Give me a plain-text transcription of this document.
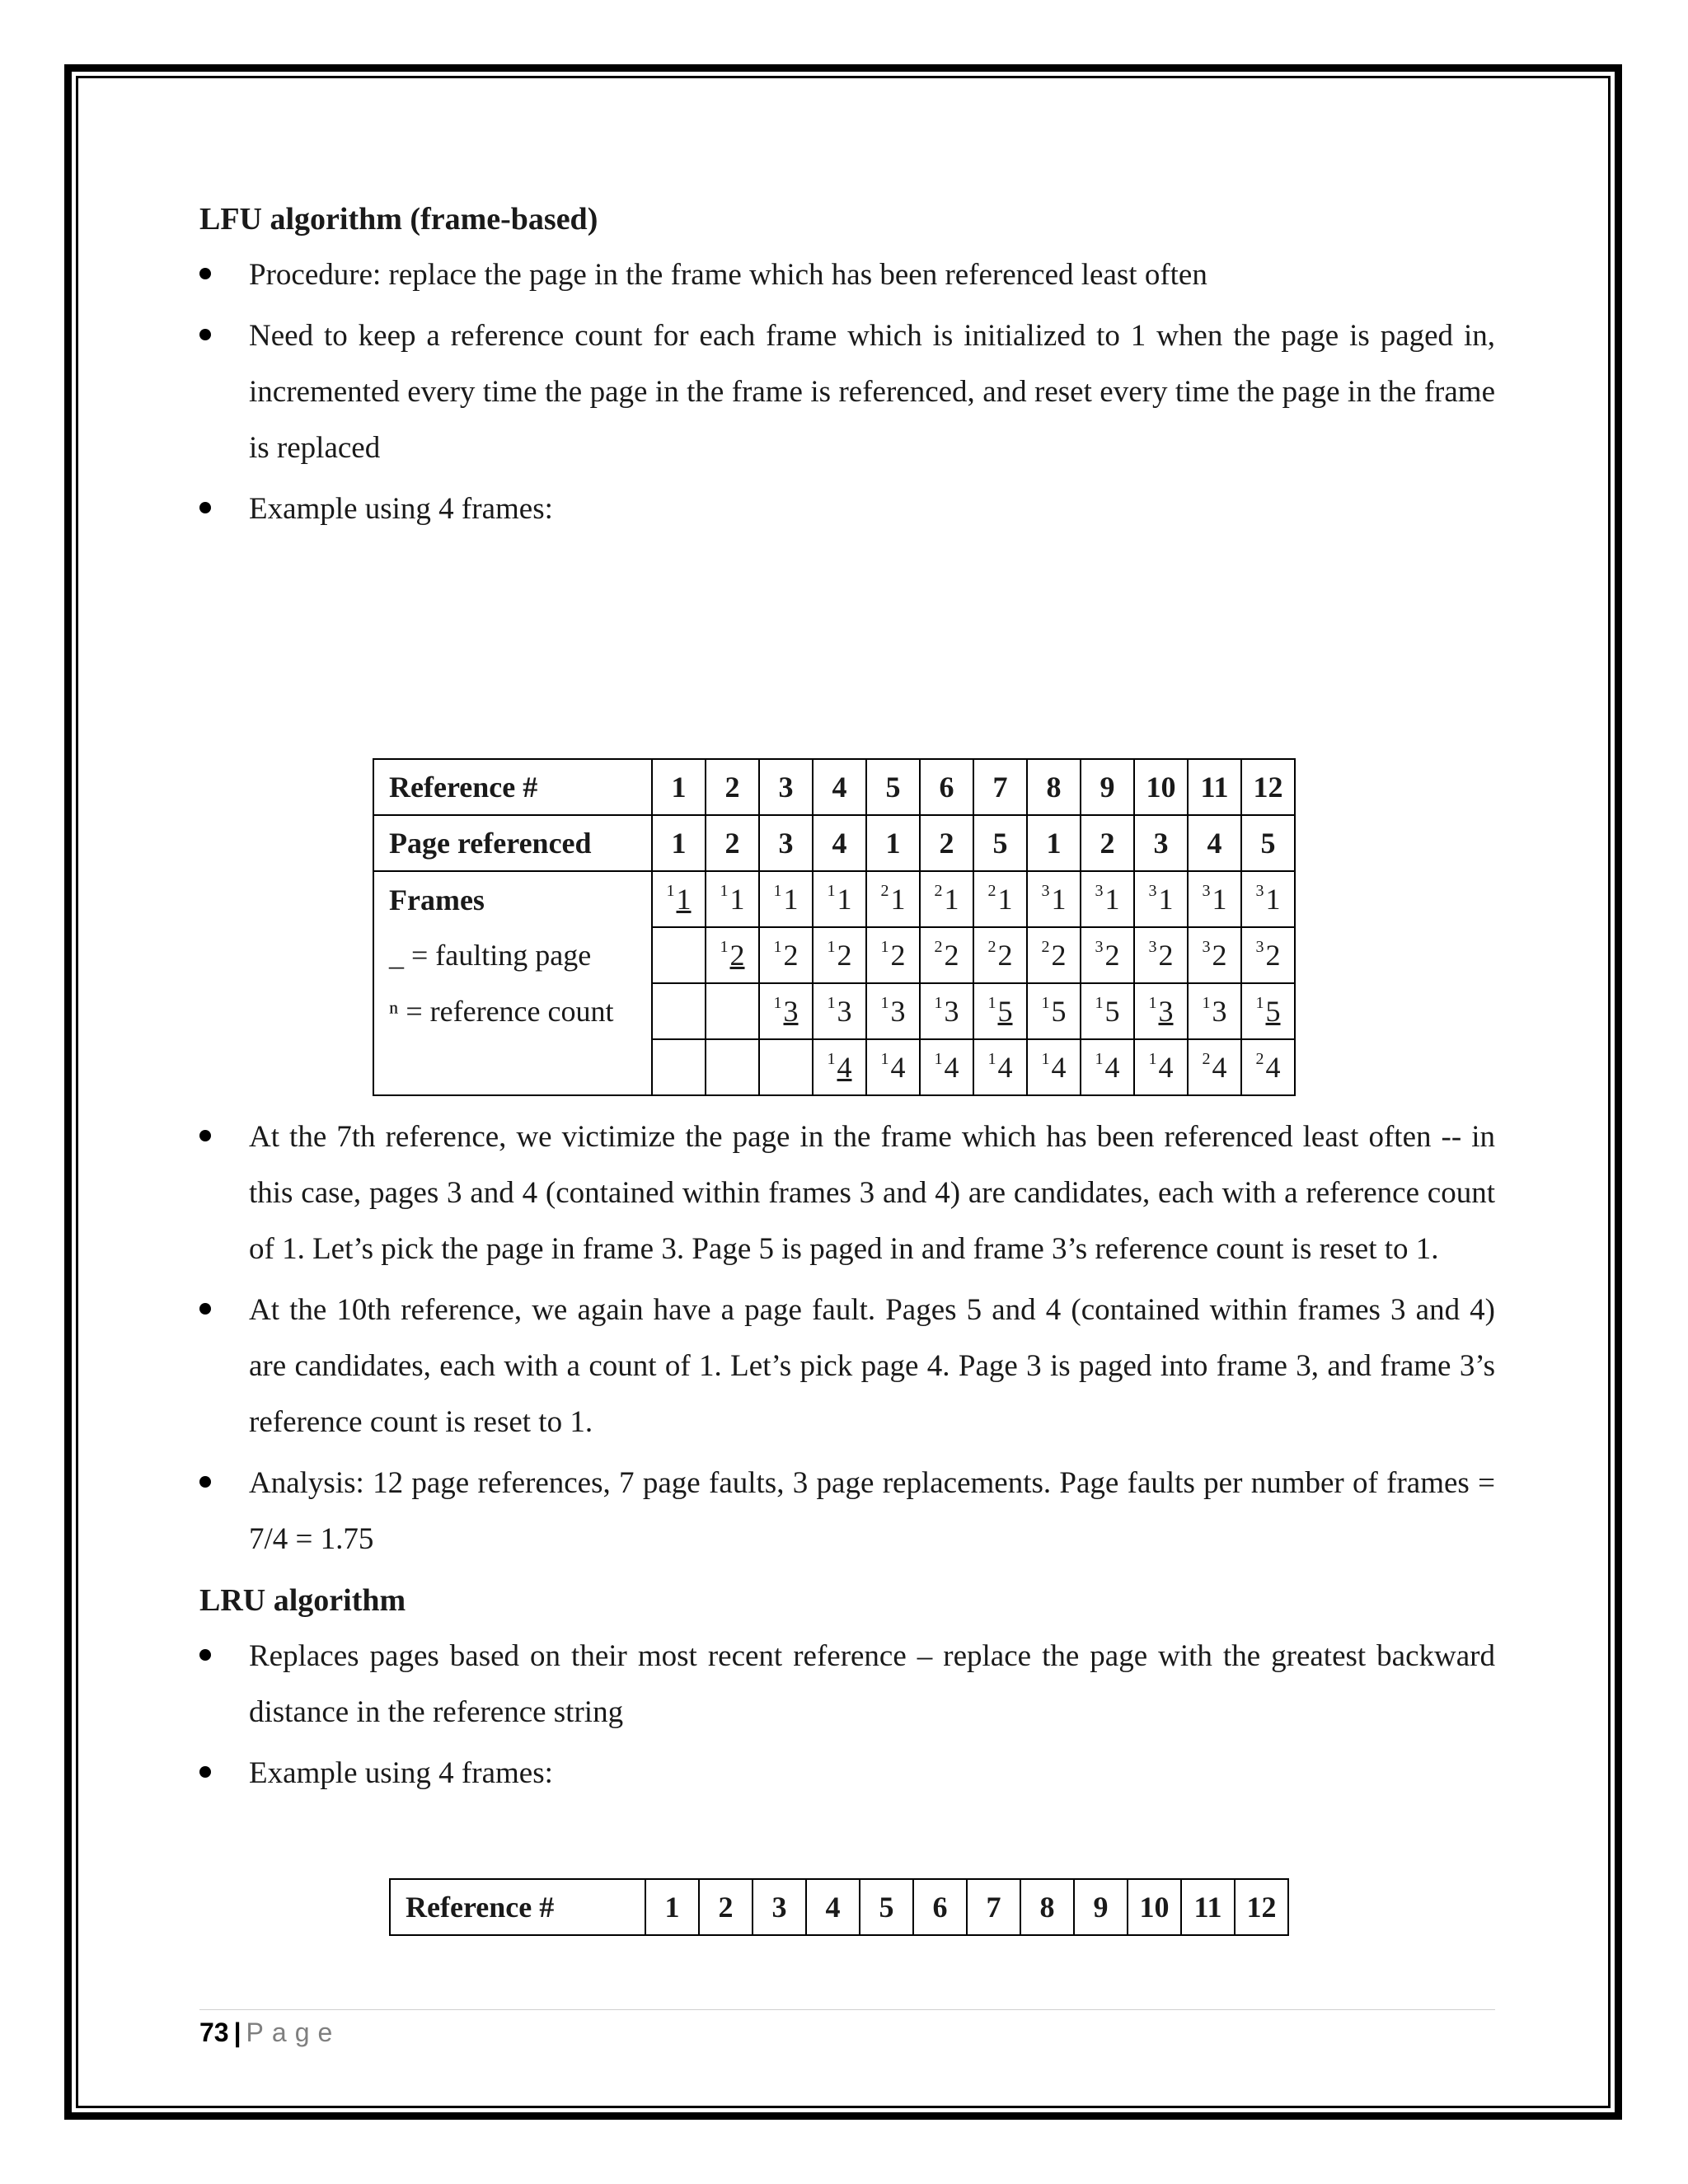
LFU algorithm (frame-based)
Procedure: replace the page in the frame which has been referenced least often
Need to keep a reference count for each frame which is initialized to 1 when the page is paged in, incremented every time the page in the frame is referenced, and reset every time the page in the frame is replaced
Example using 4 frames:
Reference #	1	2	3	4	5	6	7	8	9	10	11	12
Page referenced	1	2	3	4	1	2	5	1	2	3	4	5
Frames	$^1$1	$^1$1	$^1$1	$^1$1	$^2$1	$^2$1	$^2$1	$^3$1	$^3$1	$^3$1	$^3$1	$^3$1
_ = faulting page		$^1$2	$^1$2	$^1$2	$^1$2	$^2$2	$^2$2	$^2$2	$^3$2	$^3$2	$^3$2	$^3$2
ⁿ = reference count			$^1$3	$^1$3	$^1$3	$^1$3	$^1$5	$^1$5	$^1$5	$^1$3	$^1$3	$^1$5
				$^1$4	$^1$4	$^1$4	$^1$4	$^1$4	$^1$4	$^1$4	$^2$4	$^2$4
At the 7th reference, we victimize the page in the frame which has been referenced least often -- in this case, pages 3 and 4 (contained within frames 3 and 4) are candidates, each with a reference count of 1. Let’s pick the page in frame 3. Page 5 is paged in and frame 3’s reference count is reset to 1.
At the 10th reference, we again have a page fault. Pages 5 and 4 (contained within frames 3 and 4) are candidates, each with a count of 1. Let’s pick page 4. Page 3 is paged into frame 3, and frame 3’s reference count is reset to 1.
Analysis: 12 page references, 7 page faults, 3 page replacements. Page faults per number of frames = 7/4 = 1.75
LRU algorithm
Replaces pages based on their most recent reference – replace the page with the greatest backward distance in the reference string
Example using 4 frames:
Reference #	1	2	3	4	5	6	7	8	9	10	11	12
73 | Page
